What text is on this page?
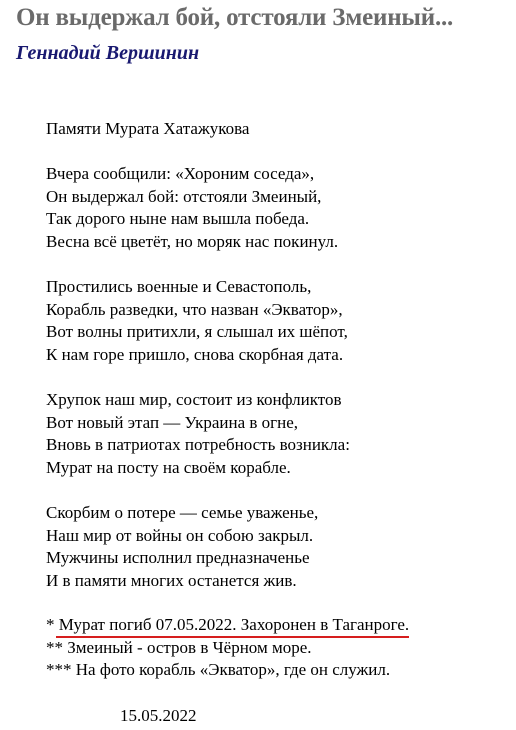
Он выдержал бой, отстояли Змеиный...
Геннадий Вершинин
Памяти Мурата Хатажукова
Вчера сообщили: «Хороним соседа»,
Он выдержал бой: отстояли Змеиный,
Так дорого ныне нам вышла победа.
Весна всё цветёт, но моряк нас покинул.
Простились военные и Севастополь,
Корабль разведки, что назван «Экватор»,
Вот волны притихли, я слышал их шёпот,
К нам горе пришло, снова скорбная дата.
Хрупок наш мир, состоит из конфликтов
Вот новый этап — Украина в огне,
Вновь в патриотах потребность возникла:
Мурат на посту на своём корабле.
Скорбим о потере — семье уваженье,
Наш мир от войны он собою закрыл.
Мужчины исполнил предназначенье
И в памяти многих останется жив.
* Мурат погиб 07.05.2022. Захоронен в Таганроге.
** Змеиный - остров в Чёрном море.
*** На фото корабль «Экватор», где он служил.
15.05.2022
